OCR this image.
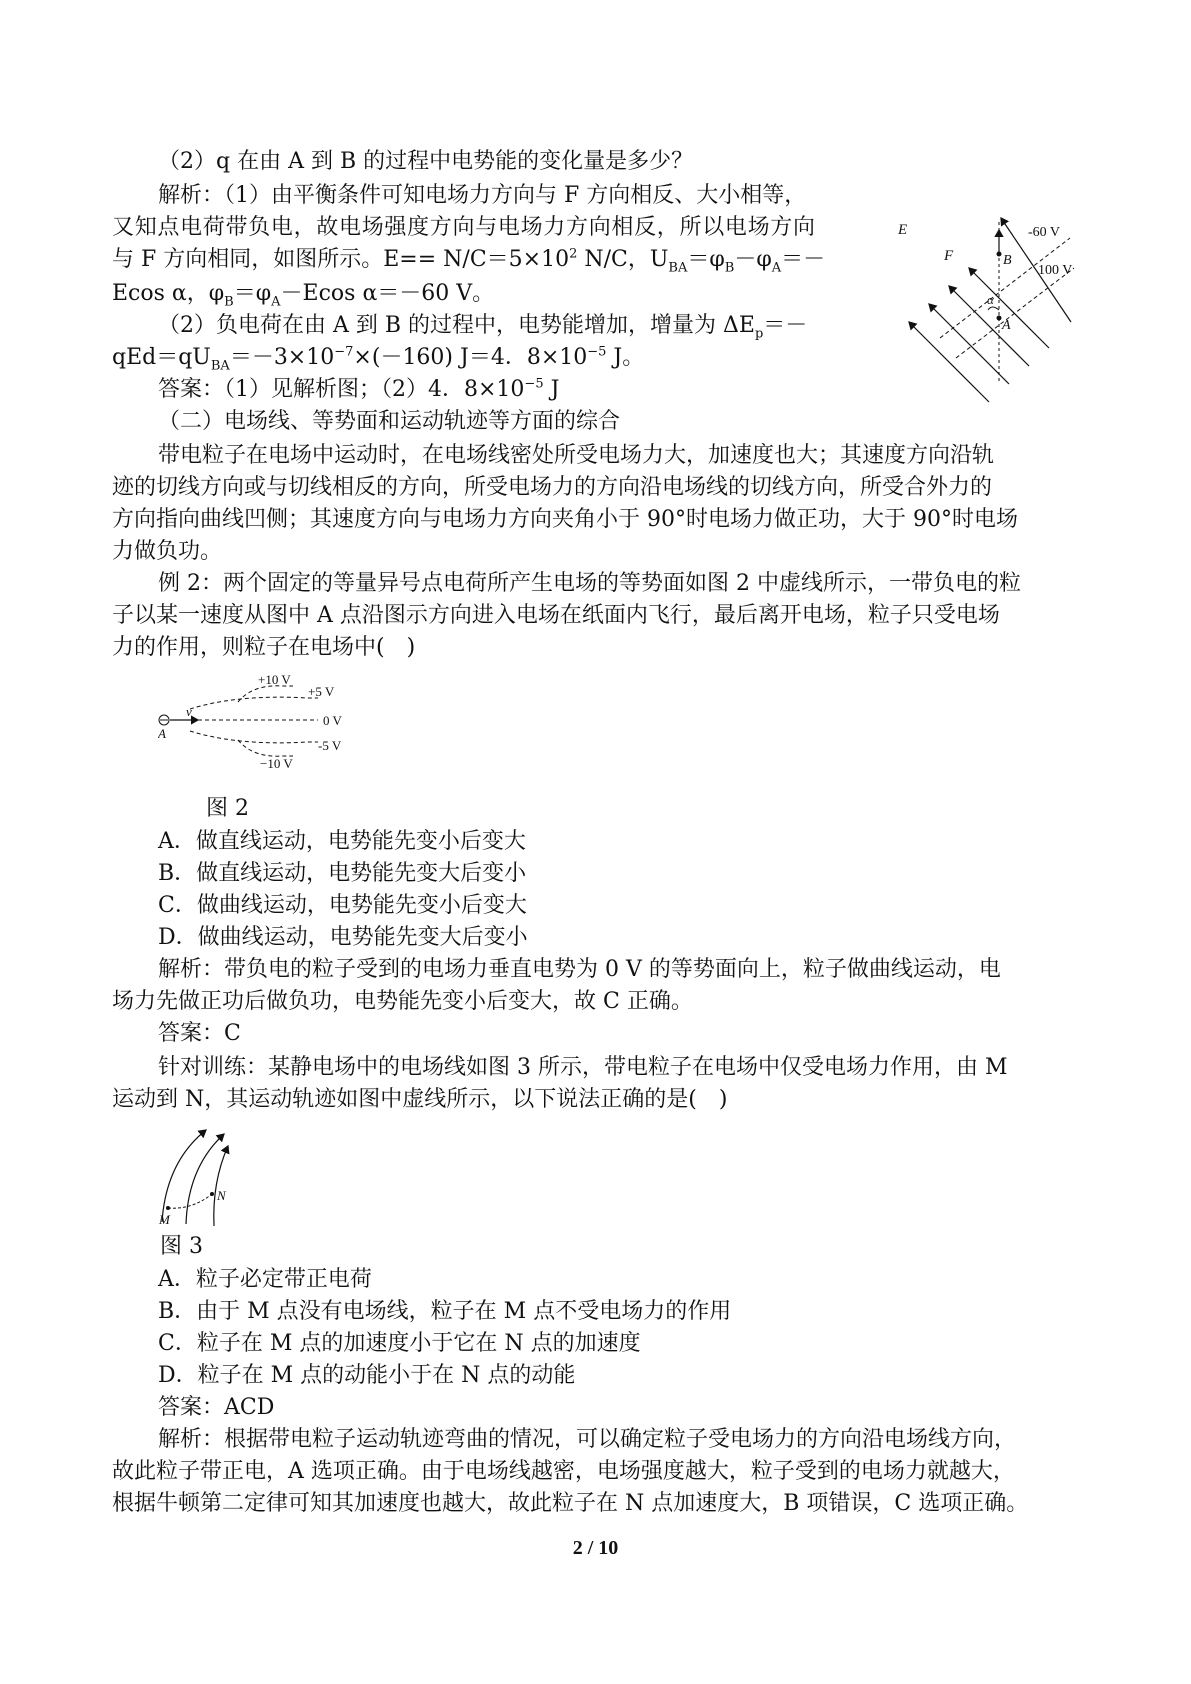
（2）q 在由 A 到 B 的过程中电势能的变化量是多少？
解析：（1）由平衡条件可知电场力方向与 F 方向相反、大小相等，
又知点电荷带负电，故电场强度方向与电场力方向相反，所以电场方向
与 F 方向相同，如图所示。$E== N/C=5\times 10^2$ N/C，$U_{BA}=\varphi_B-\varphi_A=-$
Ecos α，$\varphi_B=\varphi_A-Ecos$ α＝－60 V。
（2）负电荷在由 A 到 B 的过程中，电势能增加，增量为 $\Delta E_p=-$
$qEd=qU_{BA}=-3\times 10^{-7}\times(-160)$ J＝4．$8\times 10^{-5}$ J。
答案：（1）见解析图；（2）4．$8\times 10^{-5}$ J
E
F	B
A
α
-60 V
100 V
（二）电场线、等势面和运动轨迹等方面的综合
带电粒子在电场中运动时，在电场线密处所受电场力大，加速度也大；其速度方向沿轨
迹的切线方向或与切线相反的方向，所受电场力的方向沿电场线的切线方向，所受合外力的
方向指向曲线凹侧；其速度方向与电场力方向夹角小于 90°时电场力做正功，大于 90°时电场
力做负功。
例 2：两个固定的等量异号点电荷所产生电场的等势面如图 2 中虚线所示，一带负电的粒
子以某一速度从图中 A 点沿图示方向进入电场在纸面内飞行，最后离开电场，粒子只受电场
力的作用，则粒子在电场中(　)
v
A
+10 V
+5 V
0 V
-5 V
−10 V
图 2
A．做直线运动，电势能先变小后变大
B．做直线运动，电势能先变大后变小
C．做曲线运动，电势能先变小后变大
D．做曲线运动，电势能先变大后变小
解析：带负电的粒子受到的电场力垂直电势为 0 V 的等势面向上，粒子做曲线运动，电
场力先做正功后做负功，电势能先变小后变大，故 C 正确。
答案：C
针对训练：某静电场中的电场线如图 3 所示，带电粒子在电场中仅受电场力作用，由 M
运动到 N，其运动轨迹如图中虚线所示，以下说法正确的是(　)
M
N
图 3
A．粒子必定带正电荷
B．由于 M 点没有电场线，粒子在 M 点不受电场力的作用
C．粒子在 M 点的加速度小于它在 N 点的加速度
D．粒子在 M 点的动能小于在 N 点的动能
答案：ACD
解析：根据带电粒子运动轨迹弯曲的情况，可以确定粒子受电场力的方向沿电场线方向，
故此粒子带正电，A 选项正确。由于电场线越密，电场强度越大，粒子受到的电场力就越大，
根据牛顿第二定律可知其加速度也越大，故此粒子在 N 点加速度大，B 项错误，C 选项正确。
2 / 10
